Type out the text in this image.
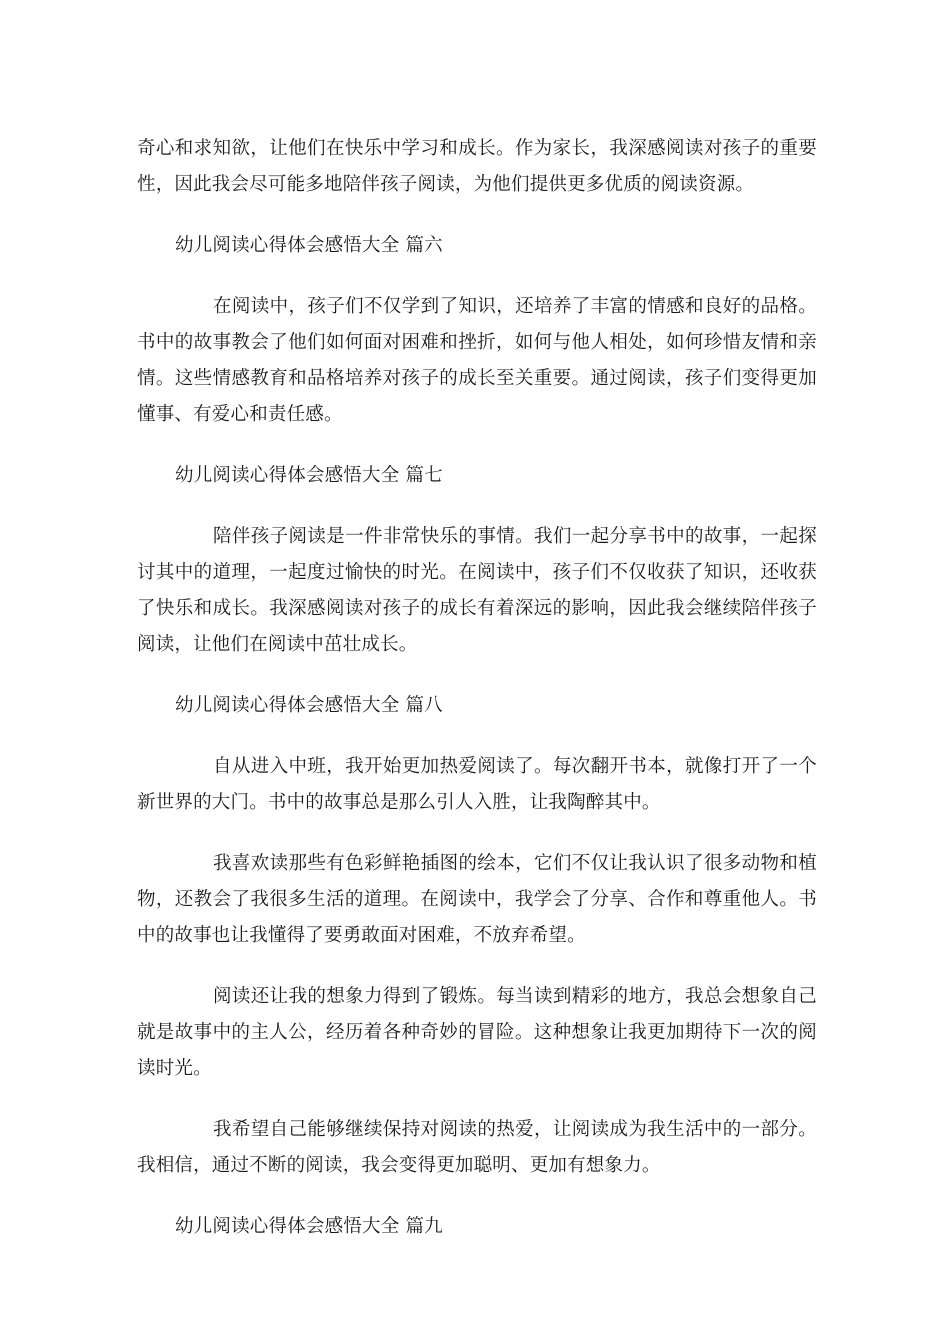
奇心和求知欲，让他们在快乐中学习和成长。作为家长，我深感阅读对孩子的重要性，因此我会尽可能多地陪伴孩子阅读，为他们提供更多优质的阅读资源。

幼儿阅读心得体会感悟大全 篇六

在阅读中，孩子们不仅学到了知识，还培养了丰富的情感和良好的品格。书中的故事教会了他们如何面对困难和挫折，如何与他人相处，如何珍惜友情和亲情。这些情感教育和品格培养对孩子的成长至关重要。通过阅读，孩子们变得更加懂事、有爱心和责任感。

幼儿阅读心得体会感悟大全 篇七

陪伴孩子阅读是一件非常快乐的事情。我们一起分享书中的故事，一起探讨其中的道理，一起度过愉快的时光。在阅读中，孩子们不仅收获了知识，还收获了快乐和成长。我深感阅读对孩子的成长有着深远的影响，因此我会继续陪伴孩子阅读，让他们在阅读中茁壮成长。

幼儿阅读心得体会感悟大全 篇八

自从进入中班，我开始更加热爱阅读了。每次翻开书本，就像打开了一个新世界的大门。书中的故事总是那么引人入胜，让我陶醉其中。

我喜欢读那些有色彩鲜艳插图的绘本，它们不仅让我认识了很多动物和植物，还教会了我很多生活的道理。在阅读中，我学会了分享、合作和尊重他人。书中的故事也让我懂得了要勇敢面对困难，不放弃希望。

阅读还让我的想象力得到了锻炼。每当读到精彩的地方，我总会想象自己就是故事中的主人公，经历着各种奇妙的冒险。这种想象让我更加期待下一次的阅读时光。

我希望自己能够继续保持对阅读的热爱，让阅读成为我生活中的一部分。我相信，通过不断的阅读，我会变得更加聪明、更加有想象力。

幼儿阅读心得体会感悟大全 篇九
